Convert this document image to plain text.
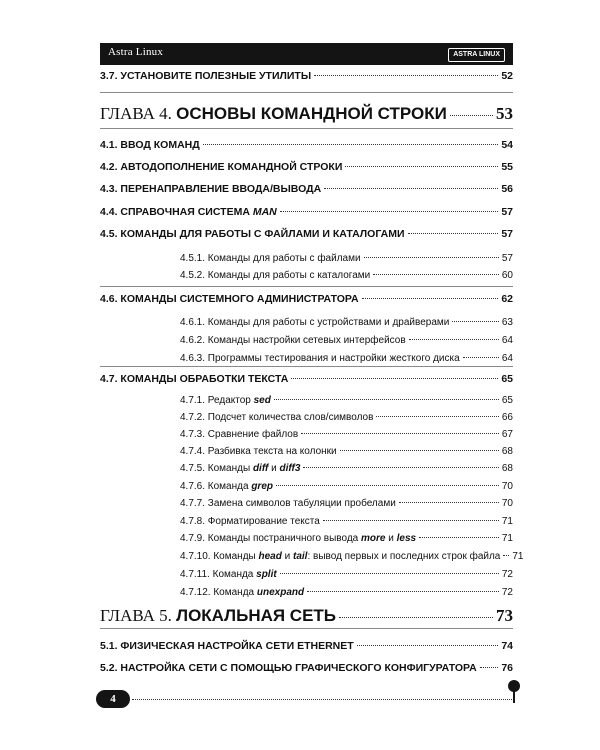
ASTRA LINUX
Astra Linux
3.7. УСТАНОВИТЕ ПОЛЕЗНЫЕ УТИЛИТЫ	52
ГЛАВА 4. ОСНОВЫ КОМАНДНОЙ СТРОКИ	53
4.1. ВВОД КОМАНД	54
4.2. АВТОДОПОЛНЕНИЕ КОМАНДНОЙ СТРОКИ	55
4.3. ПЕРЕНАПРАВЛЕНИЕ ВВОДА/ВЫВОДА	56
4.4. СПРАВОЧНАЯ СИСТЕМА MAN	57
4.5. КОМАНДЫ ДЛЯ РАБОТЫ С ФАЙЛАМИ И КАТАЛОГАМИ	57
4.5.1. Команды для работы с файлами	57
4.5.2. Команды для работы с каталогами	60
4.6. КОМАНДЫ СИСТЕМНОГО АДМИНИСТРАТОРА	62
4.6.1. Команды для работы с устройствами и драйверами	63
4.6.2. Команды настройки сетевых интерфейсов	64
4.6.3. Программы тестирования и настройки жесткого диска	64
4.7. КОМАНДЫ ОБРАБОТКИ ТЕКСТА	65
4.7.1. Редактор sed	65
4.7.2. Подсчет количества слов/символов	66
4.7.3. Сравнение файлов	67
4.7.4. Разбивка текста на колонки	68
4.7.5. Команды diff и diff3	68
4.7.6. Команда grep	70
4.7.7. Замена символов табуляции пробелами	70
4.7.8. Форматирование текста	71
4.7.9. Команды постраничного вывода more и less	71
4.7.10. Команды head и tail: вывод первых и последних строк файла 71
4.7.11. Команда split	72
4.7.12. Команда unexpand	72
ГЛАВА 5. ЛОКАЛЬНАЯ СЕТЬ	73
5.1. ФИЗИЧЕСКАЯ НАСТРОЙКА СЕТИ ETHERNET	74
5.2. НАСТРОЙКА СЕТИ С ПОМОЩЬЮ ГРАФИЧЕСКОГО КОНФИГУРАТОРА 76
4
